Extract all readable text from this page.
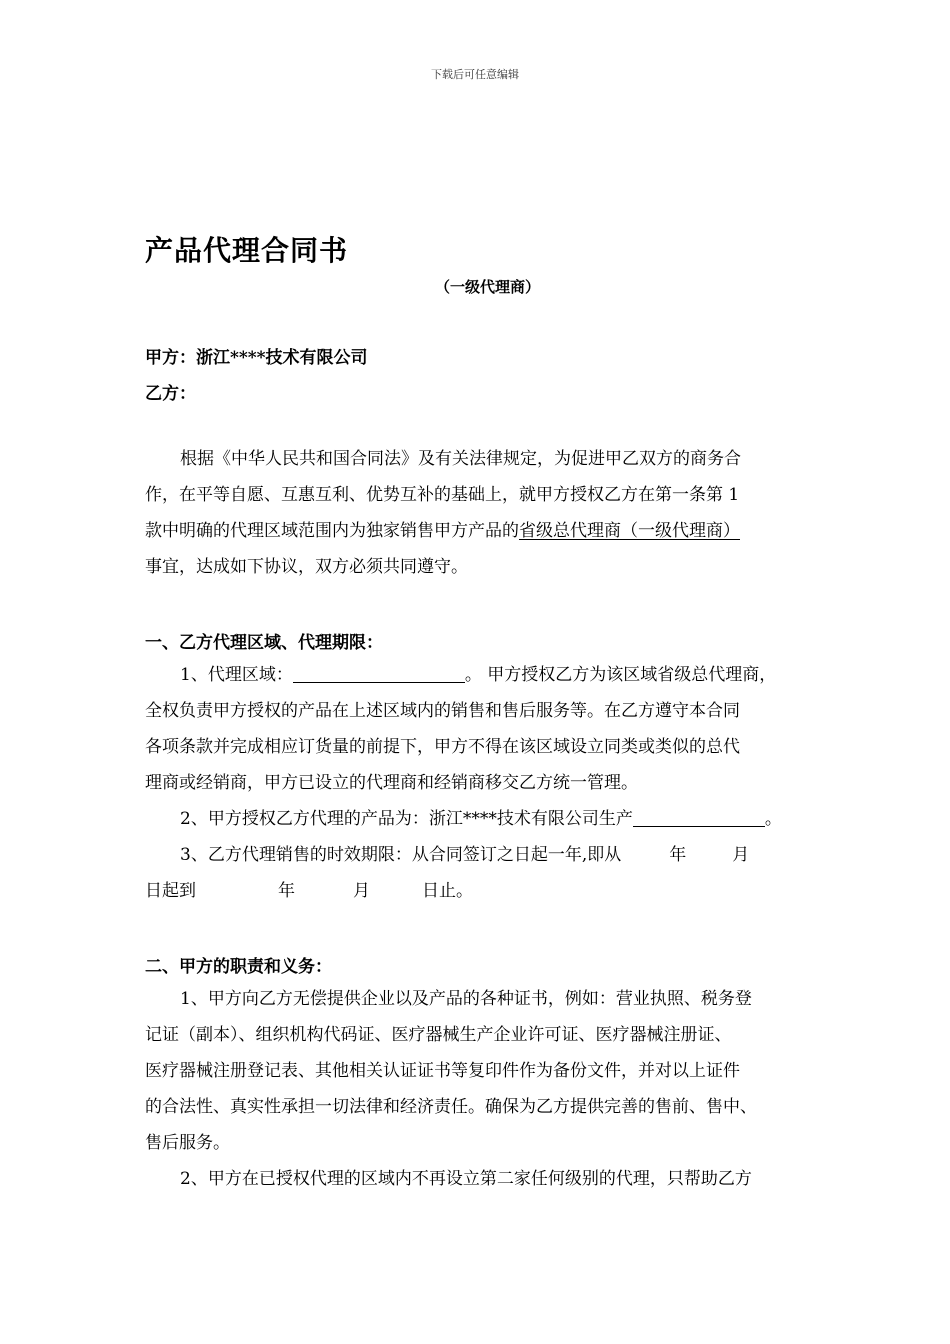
下载后可任意编辑
产品代理合同书
（一级代理商）
甲方：浙江****技术有限公司
乙方：
根据《中华人民共和国合同法》及有关法律规定，为促进甲乙双方的商务合
作，在平等自愿、互惠互利、优势互补的基础上，就甲方授权乙方在第一条第 1
款中明确的代理区域范围内为独家销售甲方产品的省级总代理商（一级代理商）
事宜，达成如下协议，双方必须共同遵守。
一、乙方代理区域、代理期限：
1、代理区域：	。 甲方授权乙方为该区域省级总代理商，
全权负责甲方授权的产品在上述区域内的销售和售后服务等。在乙方遵守本合同
各项条款并完成相应订货量的前提下，甲方不得在该区域设立同类或类似的总代
理商或经销商，甲方已设立的代理商和经销商移交乙方统一管理。
2、甲方授权乙方代理的产品为：浙江****技术有限公司生产	。
3、乙方代理销售的时效期限：从合同签订之日起一年,即从	年	月
日起到	年	月	日止。
二、甲方的职责和义务：
1、甲方向乙方无偿提供企业以及产品的各种证书，例如：营业执照、税务登
记证（副本）、组织机构代码证、医疗器械生产企业许可证、医疗器械注册证、
医疗器械注册登记表、其他相关认证证书等复印件作为备份文件，并对以上证件
的合法性、真实性承担一切法律和经济责任。确保为乙方提供完善的售前、售中、
售后服务。
2、甲方在已授权代理的区域内不再设立第二家任何级别的代理，只帮助乙方
